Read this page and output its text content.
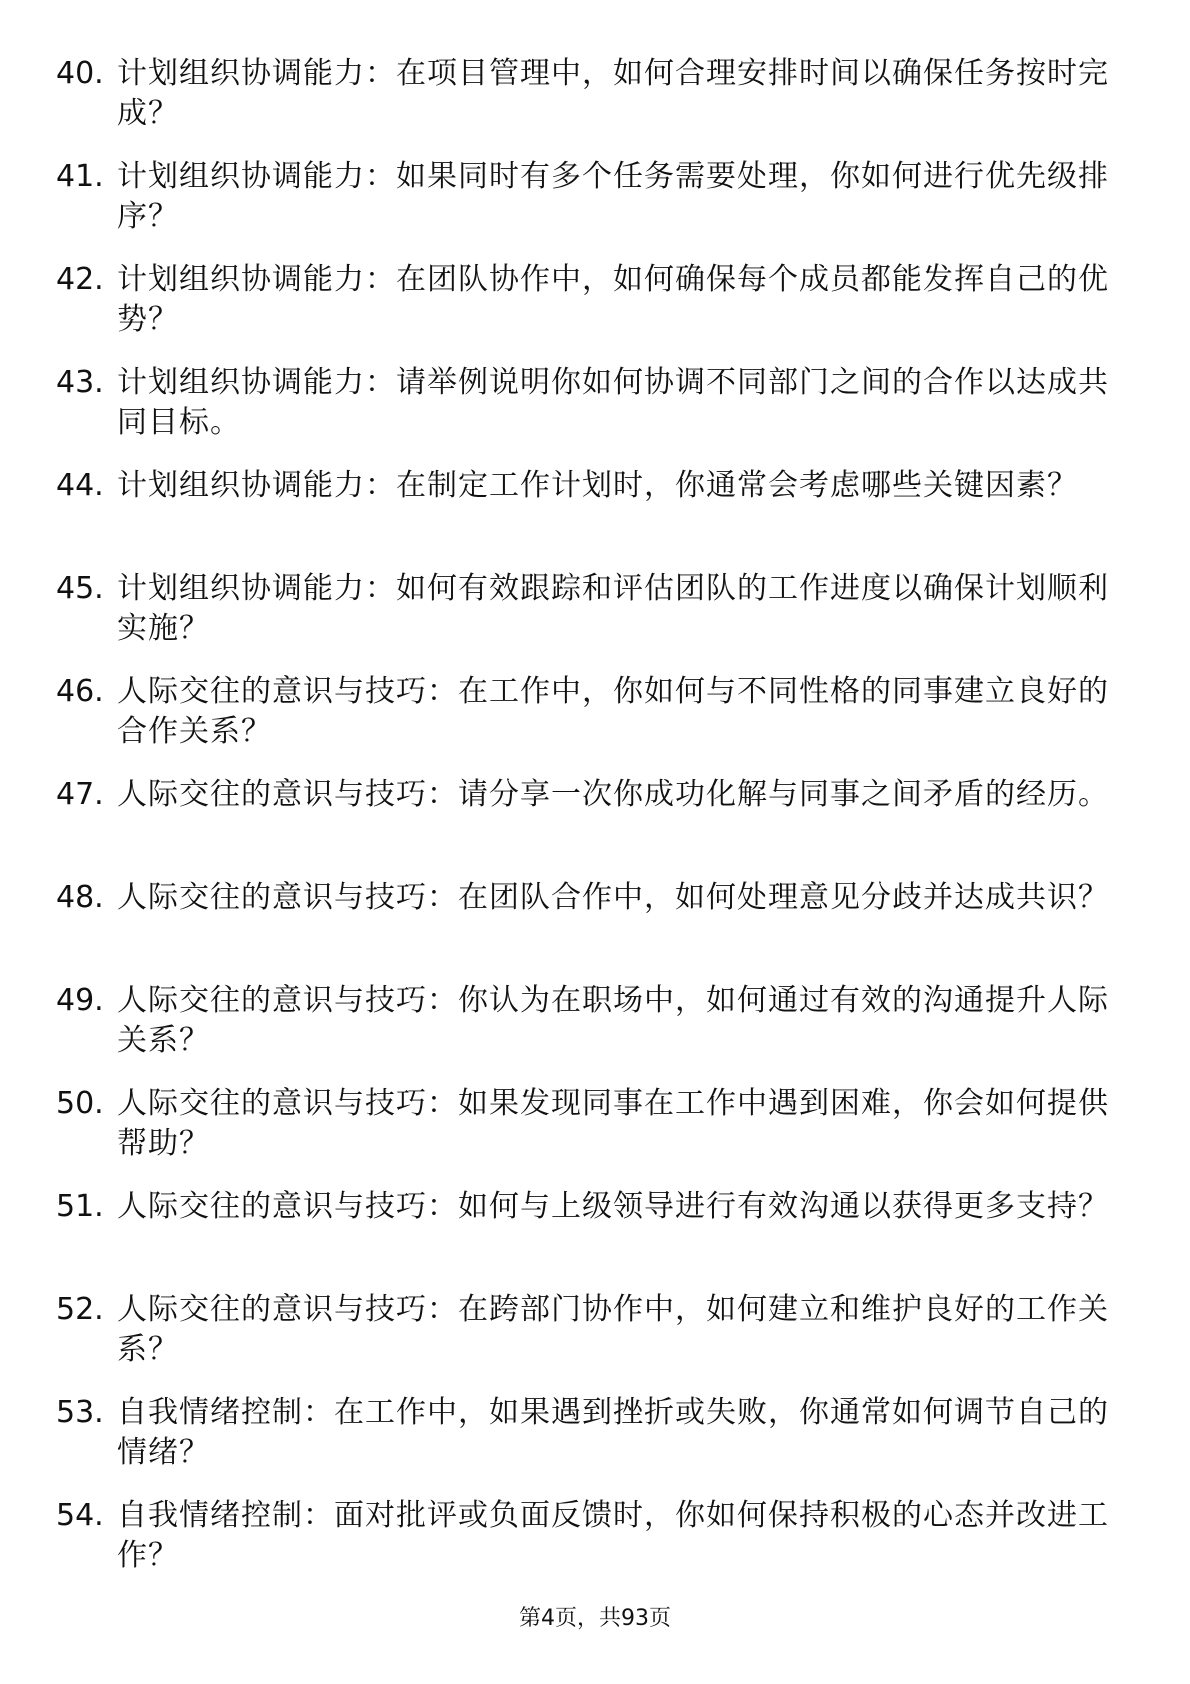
40. 计划组织协调能力：在项目管理中，如何合理安排时间以确保任务按时完成？
41. 计划组织协调能力：如果同时有多个任务需要处理，你如何进行优先级排序？
42. 计划组织协调能力：在团队协作中，如何确保每个成员都能发挥自己的优势？
43. 计划组织协调能力：请举例说明你如何协调不同部门之间的合作以达成共同目标。
44. 计划组织协调能力：在制定工作计划时，你通常会考虑哪些关键因素？
45. 计划组织协调能力：如何有效跟踪和评估团队的工作进度以确保计划顺利实施？
46. 人际交往的意识与技巧：在工作中，你如何与不同性格的同事建立良好的合作关系？
47. 人际交往的意识与技巧：请分享一次你成功化解与同事之间矛盾的经历。
48. 人际交往的意识与技巧：在团队合作中，如何处理意见分歧并达成共识？
49. 人际交往的意识与技巧：你认为在职场中，如何通过有效的沟通提升人际关系？
50. 人际交往的意识与技巧：如果发现同事在工作中遇到困难，你会如何提供帮助？
51. 人际交往的意识与技巧：如何与上级领导进行有效沟通以获得更多支持？
52. 人际交往的意识与技巧：在跨部门协作中，如何建立和维护良好的工作关系？
53. 自我情绪控制：在工作中，如果遇到挫折或失败，你通常如何调节自己的情绪？
54. 自我情绪控制：面对批评或负面反馈时，你如何保持积极的心态并改进工作？
第4页，共93页
